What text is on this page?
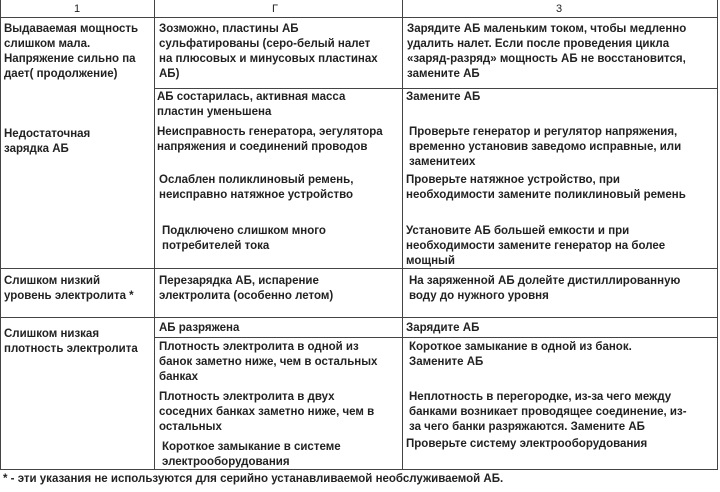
1	Г	3
Выдаваемая мощность
слишком мала.
Напряжение сильно па
дает( продолжение)
Зозможно, пластины АБ
сульфатированы (серо-белый налет
на плюсовых и минусовых пластинах
АБ)
Зарядите АБ маленьким током, чтобы медленно
удалить налет. Если после проведения цикла
«заряд-разряд» мощность АБ не восстановится,
замените АБ
Недостаточная
зарядка АБ
АБ состарилась, активная масса
пластин уменьшена
Неисправность генератора, эегулятора
напряжения и соединений проводов
Ослаблен поликлиновый ремень,
неисправно натяжное устройство
Подключено слишком много
потребителей тока
Замените АБ
Проверьте генератор и регулятор напряжения,
временно установив заведомо исправные, или
заменитеих
Проверьте натяжное устройство, при
необходимости замените поликлиновый ремень
Установите АБ большей емкости и при
необходимости замените генератор на более
мощный
Слишком низкий
уровень электролита *
Перезарядка АБ, испарение
электролита (особенно летом)
На заряженной АБ долейте дистиллированную
воду до нужного уровня
Слишком низкая
плотность электролита
АБ разряжена
Плотность электролита в одной из
банок заметно ниже, чем в остальных
банках
Плотность электролита в двух
соседних банках заметно ниже, чем в
остальных
Короткое замыкание в системе
электрооборудования
Зарядите АБ
Короткое замыкание в одной из банок.
Замените АБ
Неплотность в перегородке, из-за чего между
банками возникает проводящее соединение, из-
за чего банки разряжаются. Замените АБ
Проверьте систему электрооборудования
* - эти указания не используются для серийно устанавливаемой необслуживаемой АБ.
